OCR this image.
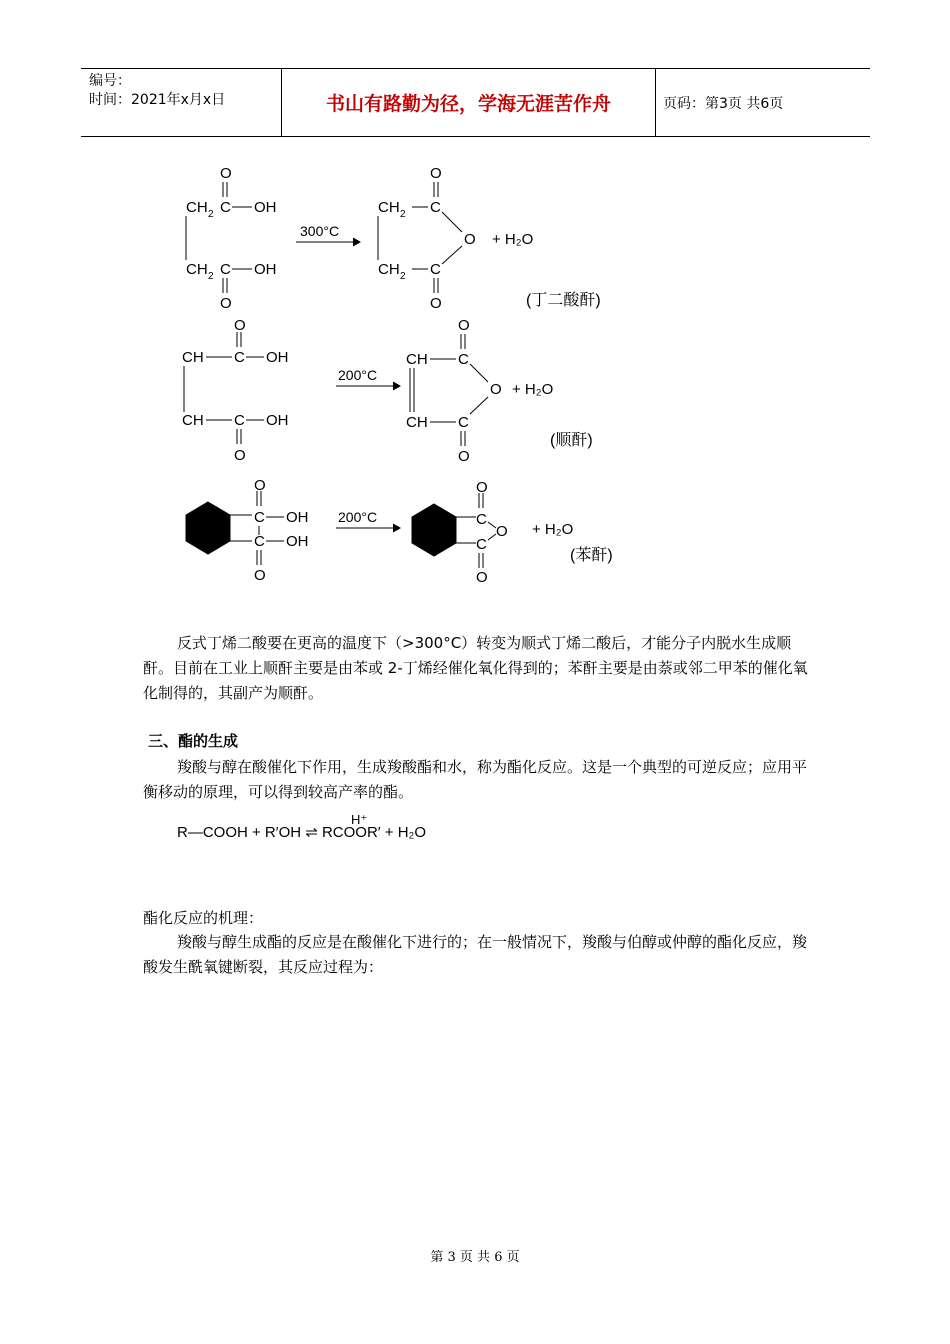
编号：
时间：2021年x月x日	书山有路勤为径，学海无涯苦作舟	页码：第3页 共6页
CH 2 C OH
O
CH 2 C OH
O
300°C
CH 2 C
O
O
CH 2 C
O
+ H₂O
(丁二酸酐)
CH C
O
OH
CH C
O
OH
200°C
CH C
O
O
CH C
O
+ H₂O
(顺酐)
C
O
OH
C
O
OH
200°C	C
O
O
C
O
+ H₂O
(苯酐)
反式丁烯二酸要在更高的温度下（>300°C）转变为顺式丁烯二酸后，才能分子内脱水生成顺酐。目前在工业上顺酐主要是由苯或 2-丁烯经催化氧化得到的；苯酐主要是由萘或邻二甲苯的催化氧化制得的，其副产为顺酐。
三、酯的生成
羧酸与醇在酸催化下作用，生成羧酸酯和水，称为酯化反应。这是一个典型的可逆反应；应用平衡移动的原理，可以得到较高产率的酯。
H⁺
R—COOH + R′OH ⇌ RCOOR′ + H₂O
酯化反应的机理：
羧酸与醇生成酯的反应是在酸催化下进行的；在一般情况下，羧酸与伯醇或仲醇的酯化反应，羧酸发生酰氧键断裂，其反应过程为：
第 3 页 共 6 页
